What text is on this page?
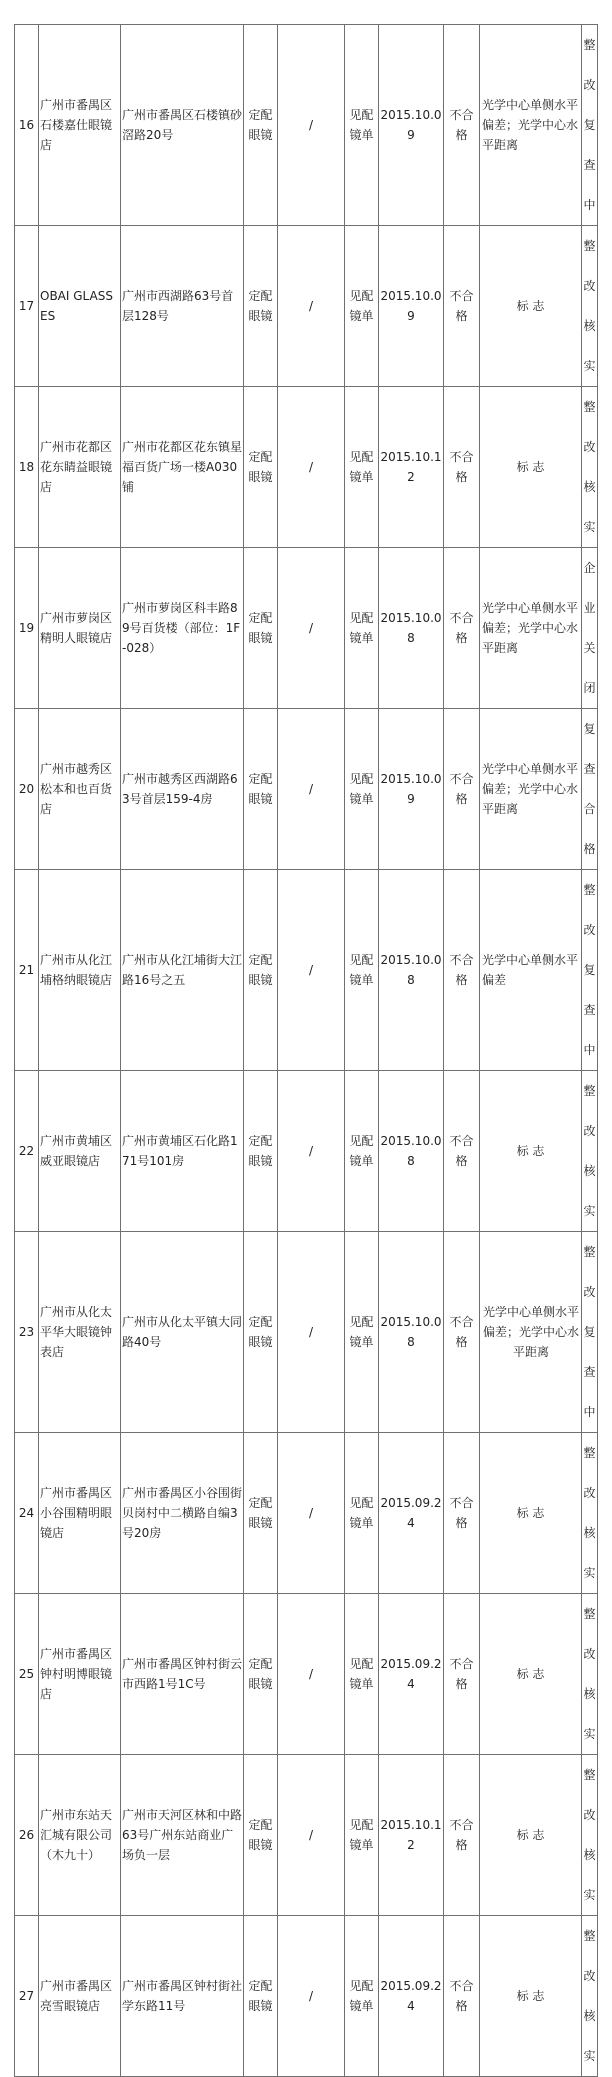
16	广州市番禺区石楼嘉仕眼镜店	广州市番禺区石楼镇砂滘路20号	定配眼镜	/	见配镜单	2015.10.09	不合格	光学中心单侧水平偏差；光学中心水平距离	整改复查中

17	OBAI GLASSES	广州市西湖路63号首层128号	定配眼镜	/	见配镜单	2015.10.09	不合格	标 志	整改核实

18	广州市花都区花东睛益眼镜店	广州市花都区花东镇星福百货广场一楼A030铺	定配眼镜	/	见配镜单	2015.10.12	不合格	标 志	整改核实

19	广州市萝岗区精明人眼镜店	广州市萝岗区科丰路89号百货楼（部位：1F-028）	定配眼镜	/	见配镜单	2015.10.08	不合格	光学中心单侧水平偏差；光学中心水平距离	企业关闭

20	广州市越秀区松本和也百货店	广州市越秀区西湖路63号首层159-4房	定配眼镜	/	见配镜单	2015.10.09	不合格	光学中心单侧水平偏差；光学中心水平距离	复查合格

21	广州市从化江埔格纳眼镜店	广州市从化江埔街大江路16号之五	定配眼镜	/	见配镜单	2015.10.08	不合格	光学中心单侧水平偏差	整改复查中

22	广州市黄埔区威亚眼镜店	广州市黄埔区石化路171号101房	定配眼镜	/	见配镜单	2015.10.08	不合格	标 志	整改核实

23	广州市从化太平华大眼镜钟表店	广州市从化太平镇大同路40号	定配眼镜	/	见配镜单	2015.10.08	不合格	光学中心单侧水平偏差；光学中心水平距离	整改复查中

24	广州市番禺区小谷围精明眼镜店	广州市番禺区小谷围街贝岗村中二横路自编3号20房	定配眼镜	/	见配镜单	2015.09.24	不合格	标 志	整改核实

25	广州市番禺区钟村明博眼镜店	广州市番禺区钟村街云市西路1号1C号	定配眼镜	/	见配镜单	2015.09.24	不合格	标 志	整改核实

26	广州市东站天汇城有限公司（木九十）	广州市天河区林和中路63号广州东站商业广场负一层	定配眼镜	/	见配镜单	2015.10.12	不合格	标 志	整改核实

27	广州市番禺区亮雪眼镜店	广州市番禺区钟村街社学东路11号	定配眼镜	/	见配镜单	2015.09.24	不合格	标 志	整改核实
